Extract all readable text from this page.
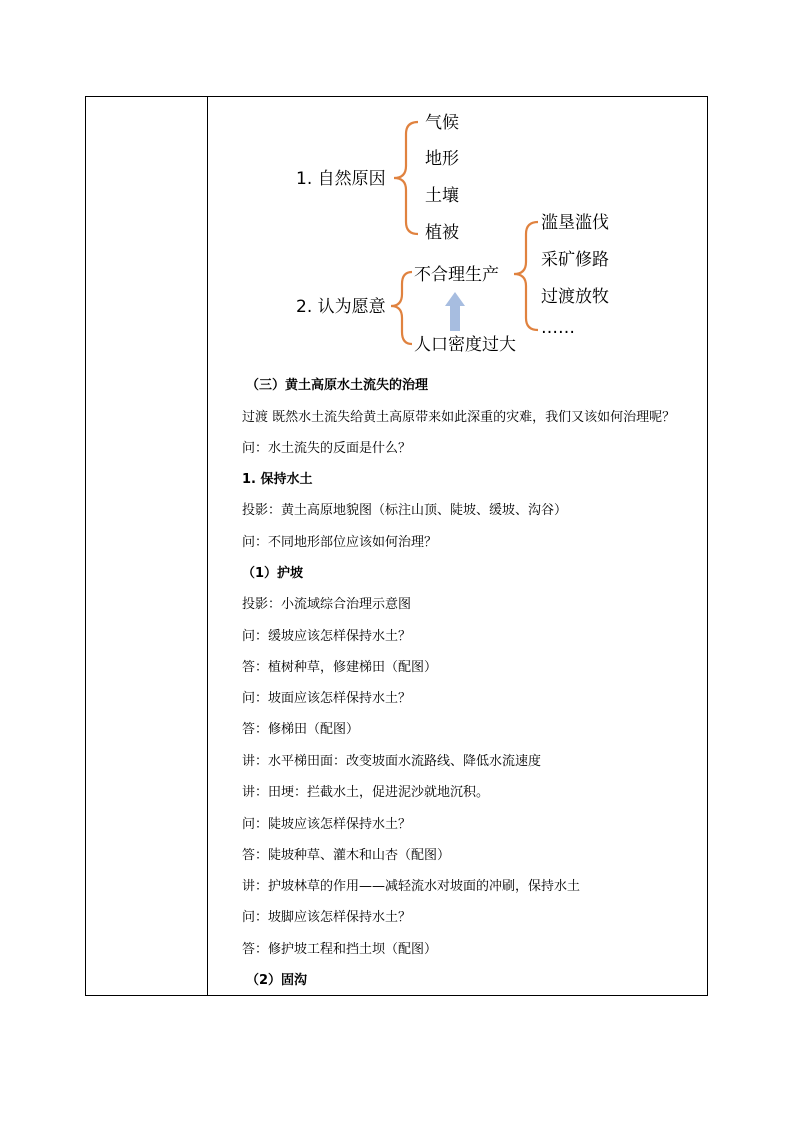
1. 自然原因
气候
地形
土壤
植被
2. 认为愿意
不合理生产
人口密度过大
滥垦滥伐
采矿修路
过渡放牧
……
（三）黄土高原水土流失的治理
过渡 既然水土流失给黄土高原带来如此深重的灾难，我们又该如何治理呢？
问：水土流失的反面是什么？
1. 保持水土
投影：黄土高原地貌图（标注山顶、陡坡、缓坡、沟谷）
问：不同地形部位应该如何治理？
（1）护坡
投影：小流域综合治理示意图
问：缓坡应该怎样保持水土？
答：植树种草，修建梯田（配图）
问：坡面应该怎样保持水土？
答：修梯田（配图）
讲：水平梯田面：改变坡面水流路线、降低水流速度
讲：田埂：拦截水土，促进泥沙就地沉积。
问：陡坡应该怎样保持水土？
答：陡坡种草、灌木和山杏（配图）
讲：护坡林草的作用——减轻流水对坡面的冲刷，保持水土
问：坡脚应该怎样保持水土？
答：修护坡工程和挡土坝（配图）
（2）固沟
